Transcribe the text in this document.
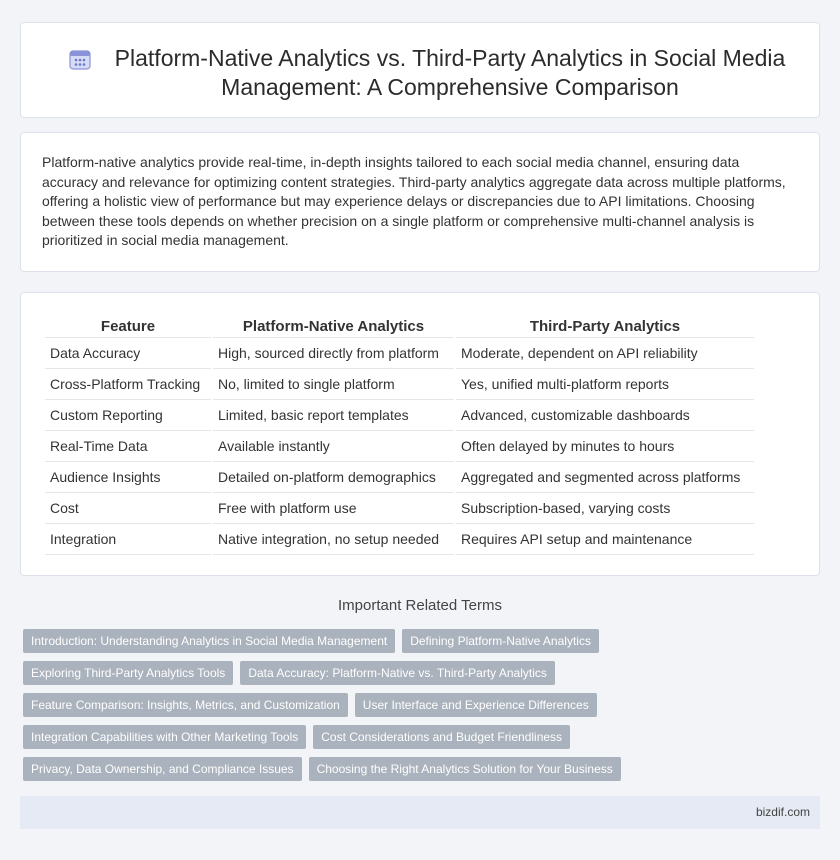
Platform-Native Analytics vs. Third-Party Analytics in Social Media Management: A Comprehensive Comparison

Platform-native analytics provide real-time, in-depth insights tailored to each social media channel, ensuring data accuracy and relevance for optimizing content strategies. Third-party analytics aggregate data across multiple platforms, offering a holistic view of performance but may experience delays or discrepancies due to API limitations. Choosing between these tools depends on whether precision on a single platform or comprehensive multi-channel analysis is prioritized in social media management.

Feature	Platform-Native Analytics	Third-Party Analytics
Data Accuracy	High, sourced directly from platform	Moderate, dependent on API reliability
Cross-Platform Tracking	No, limited to single platform	Yes, unified multi-platform reports
Custom Reporting	Limited, basic report templates	Advanced, customizable dashboards
Real-Time Data	Available instantly	Often delayed by minutes to hours
Audience Insights	Detailed on-platform demographics	Aggregated and segmented across platforms
Cost	Free with platform use	Subscription-based, varying costs
Integration	Native integration, no setup needed	Requires API setup and maintenance
Important Related Terms
Introduction: Understanding Analytics in Social Media Management	Defining Platform-Native Analytics
Exploring Third-Party Analytics Tools	Data Accuracy: Platform-Native vs. Third-Party Analytics
Feature Comparison: Insights, Metrics, and Customization	User Interface and Experience Differences
Integration Capabilities with Other Marketing Tools	Cost Considerations and Budget Friendliness
Privacy, Data Ownership, and Compliance Issues	Choosing the Right Analytics Solution for Your Business
bizdif.com
